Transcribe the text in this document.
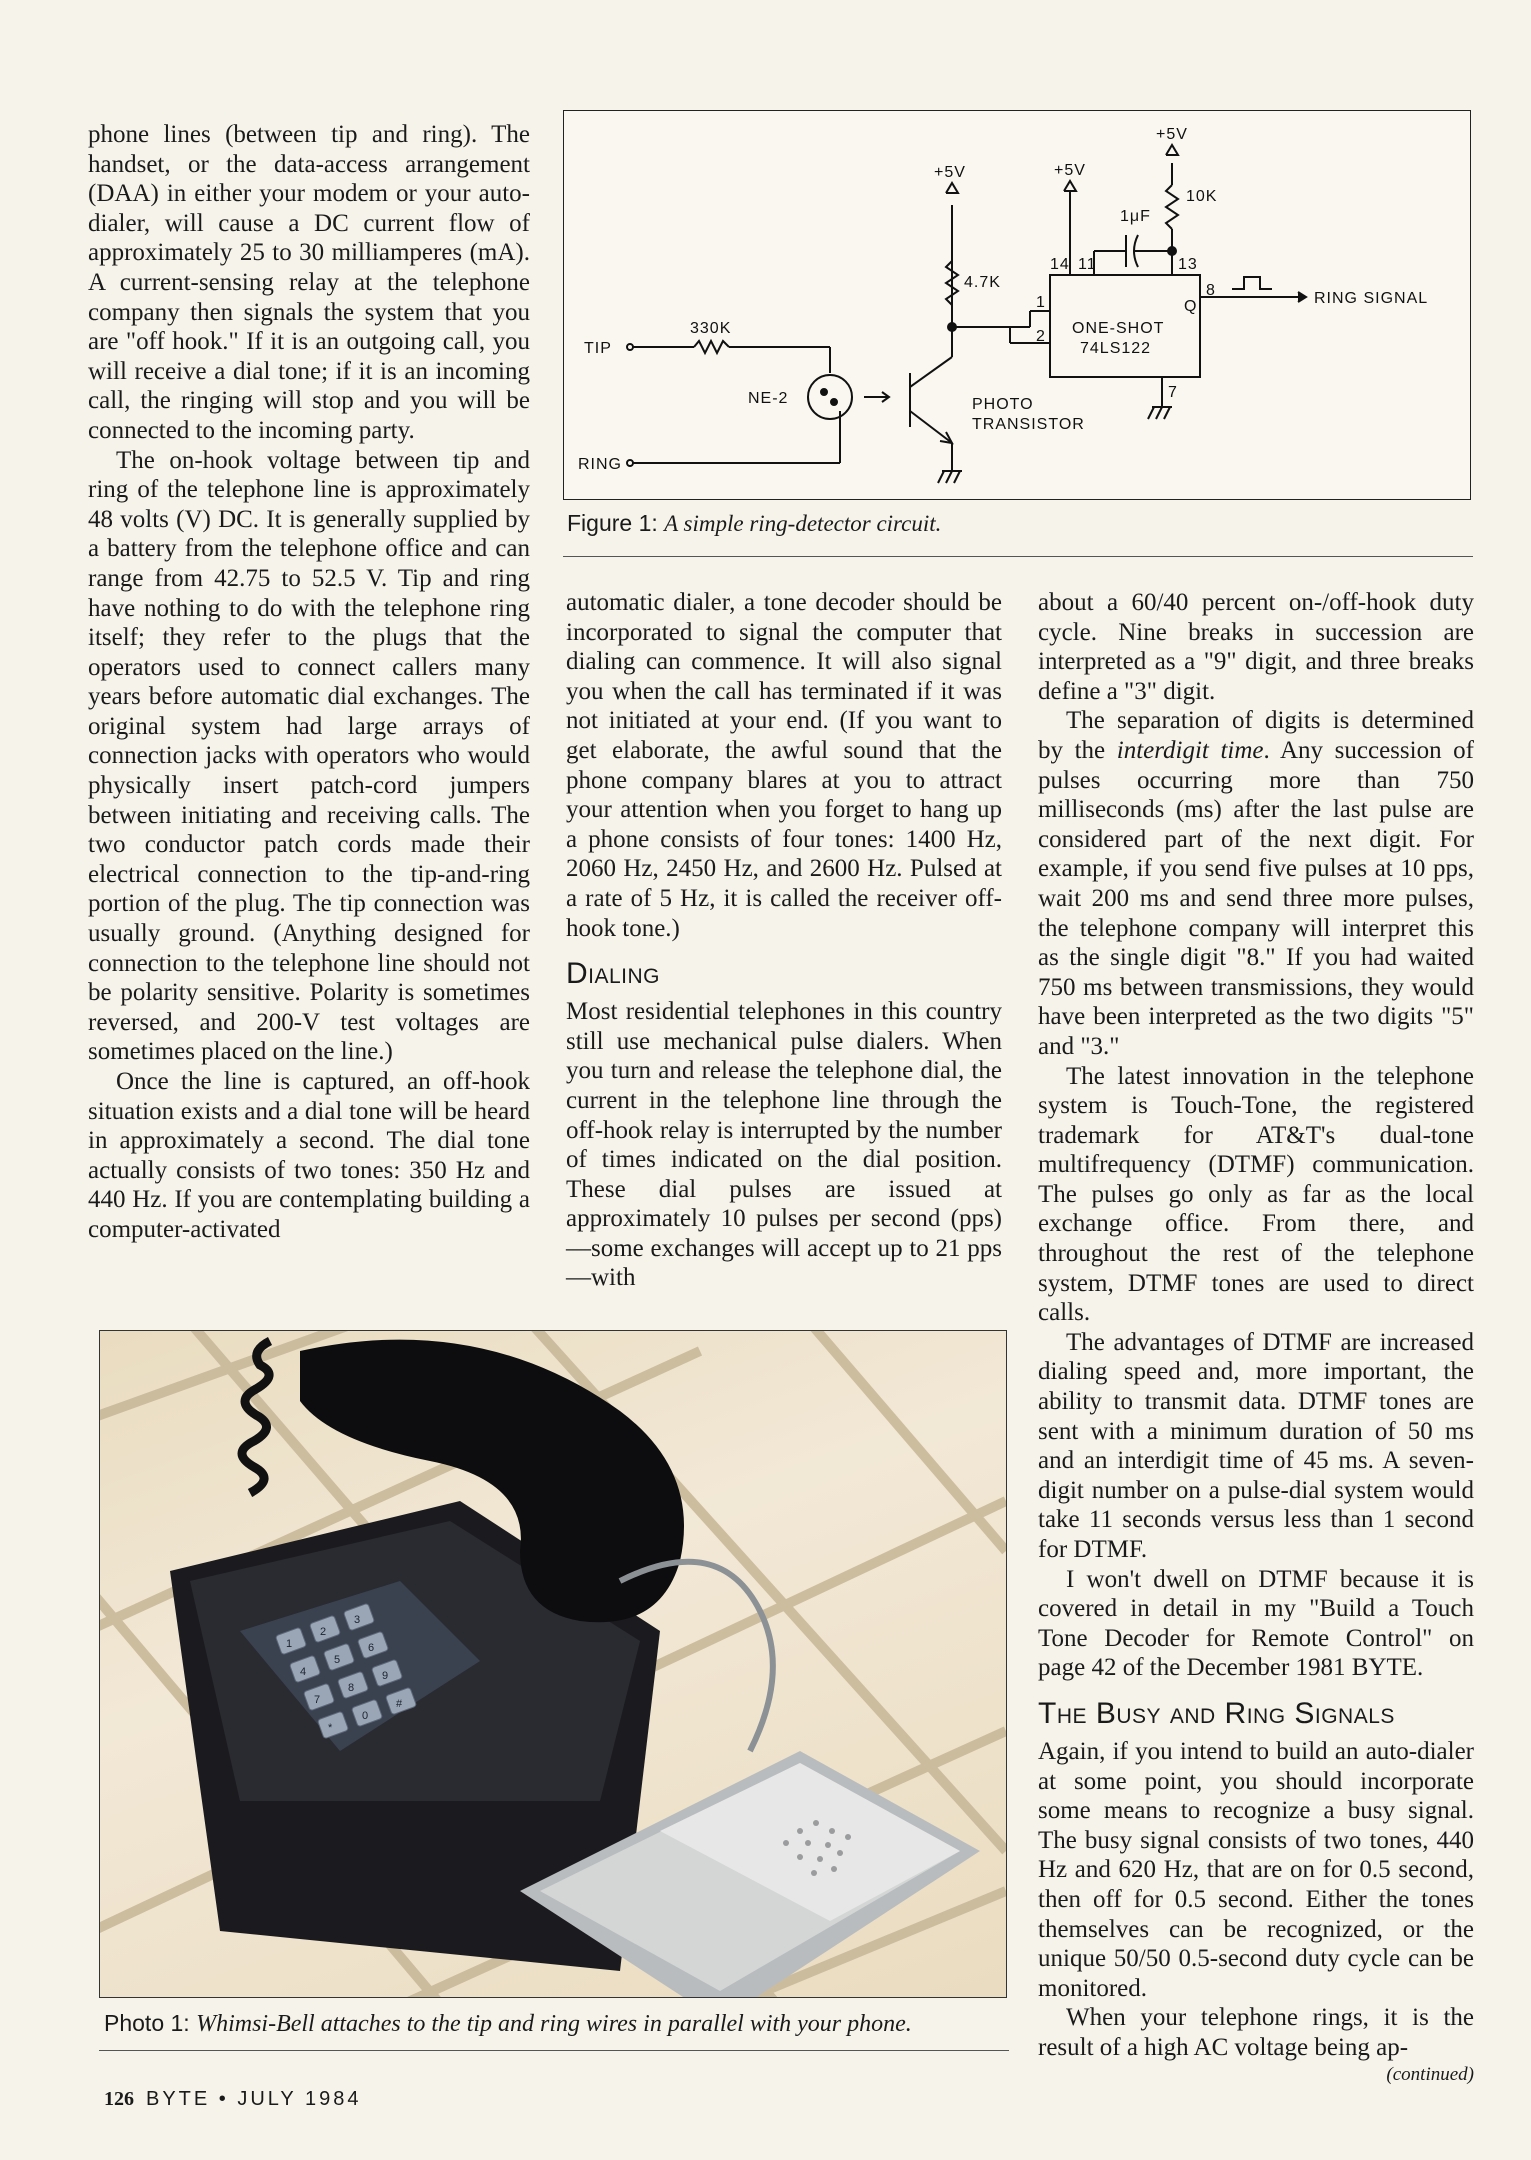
phone lines (between tip and ring). The handset, or the data-access arrangement (DAA) in either your modem or your auto-dialer, will cause a DC current flow of approximately 25 to 30 milliamperes (mA). A current-sensing relay at the telephone company then signals the system that you are "off hook." If it is an outgoing call, you will receive a dial tone; if it is an incoming call, the ringing will stop and you will be connected to the incoming party.

The on-hook voltage between tip and ring of the telephone line is approximately 48 volts (V) DC. It is generally supplied by a battery from the telephone office and can range from 42.75 to 52.5 V. Tip and ring have nothing to do with the telephone ring itself; they refer to the plugs that the operators used to connect callers many years before automatic dial exchanges. The original system had large arrays of connection jacks with operators who would physically insert patch-cord jumpers between initiating and receiving calls. The two conductor patch cords made their electrical connection to the tip-and-ring portion of the plug. The tip connection was usually ground. (Anything designed for connection to the telephone line should not be polarity sensitive. Polarity is sometimes reversed, and 200-V test voltages are sometimes placed on the line.)

Once the line is captured, an off-hook situation exists and a dial tone will be heard in approximately a second. The dial tone actually consists of two tones: 350 Hz and 440 Hz. If you are contemplating building a computer-activated

+5V	+5V
+5V
330K
4.7K
10K
1μF
TIP
RING
NE-2	PHOTO
TRANSISTOR
ONE-SHOT
74LS122
14 11	13
1
2
Q
8
7
RING SIGNAL
Figure 1: A simple ring-detector circuit.

automatic dialer, a tone decoder should be incorporated to signal the computer that dialing can commence. It will also signal you when the call has terminated if it was not initiated at your end. (If you want to get elaborate, the awful sound that the phone company blares at you to attract your attention when you forget to hang up a phone consists of four tones: 1400 Hz, 2060 Hz, 2450 Hz, and 2600 Hz. Pulsed at a rate of 5 Hz, it is called the receiver off-hook tone.)

Dialing

Most residential telephones in this country still use mechanical pulse dialers. When you turn and release the telephone dial, the current in the telephone line through the off-hook relay is interrupted by the number of times indicated on the dial position. These dial pulses are issued at approximately 10 pulses per second (pps)—some exchanges will accept up to 21 pps—with

about a 60/40 percent on-/off-hook duty cycle. Nine breaks in succession are interpreted as a "9" digit, and three breaks define a "3" digit.

The separation of digits is determined by the interdigit time. Any succession of pulses occurring more than 750 milliseconds (ms) after the last pulse are considered part of the next digit. For example, if you send five pulses at 10 pps, wait 200 ms and send three more pulses, the telephone company will interpret this as the single digit "8." If you had waited 750 ms between transmissions, they would have been interpreted as the two digits "5" and "3."

The latest innovation in the telephone system is Touch-Tone, the registered trademark for AT&T's dual-tone multifrequency (DTMF) communication. The pulses go only as far as the local exchange office. From there, and throughout the rest of the telephone system, DTMF tones are used to direct calls.

The advantages of DTMF are increased dialing speed and, more important, the ability to transmit data. DTMF tones are sent with a minimum duration of 50 ms and an interdigit time of 45 ms. A seven-digit number on a pulse-dial system would take 11 seconds versus less than 1 second for DTMF.

I won't dwell on DTMF because it is covered in detail in my "Build a Touch Tone Decoder for Remote Control" on page 42 of the December 1981 BYTE.

The Busy and Ring Signals

Again, if you intend to build an auto-dialer at some point, you should incorporate some means to recognize a busy signal. The busy signal consists of two tones, 440 Hz and 620 Hz, that are on for 0.5 second, then off for 0.5 second. Either the tones themselves can be recognized, or the unique 50/50 0.5-second duty cycle can be monitored.

When your telephone rings, it is the result of a high AC voltage being ap-

(continued)
1
2
3
4
5
6
7
8
9
*
0
#
Photo 1: Whimsi-Bell attaches to the tip and ring wires in parallel with your phone.
126 BYTE • JULY 1984
